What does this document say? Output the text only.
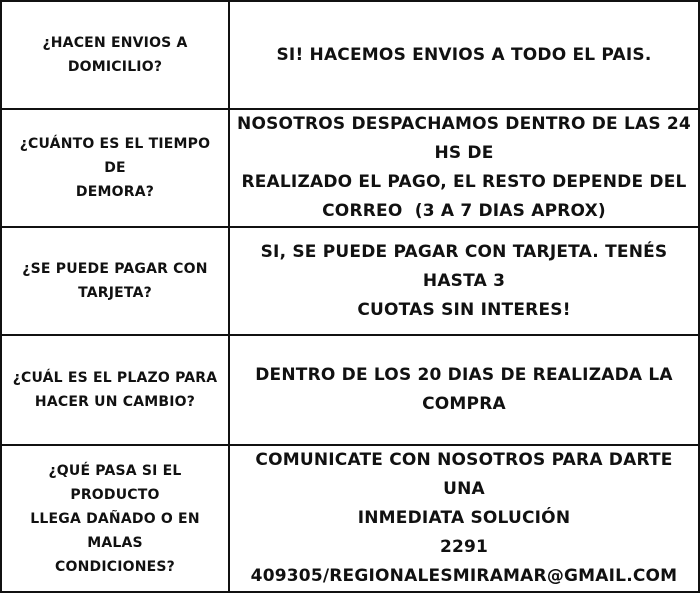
¿HACEN ENVIOS A
DOMICILIO?	SI! HACEMOS ENVIOS A TODO EL PAIS.

¿CUÁNTO ES EL TIEMPO DE
DEMORA?	NOSOTROS DESPACHAMOS DENTRO DE LAS 24 HS DE
REALIZADO EL PAGO, EL RESTO DEPENDE DEL
CORREO  (3 A 7 DIAS APROX)

¿SE PUEDE PAGAR CON
TARJETA?	SI, SE PUEDE PAGAR CON TARJETA. TENÉS HASTA 3
CUOTAS SIN INTERES!

¿CUÁL ES EL PLAZO PARA
HACER UN CAMBIO?	DENTRO DE LOS 20 DIAS DE REALIZADA LA COMPRA

¿QUÉ PASA SI EL PRODUCTO
LLEGA DAÑADO O EN MALAS
CONDICIONES?	COMUNICATE CON NOSOTROS PARA DARTE UNA
INMEDIATA SOLUCIÓN
2291 409305/REGIONALESMIRAMAR@GMAIL.COM
